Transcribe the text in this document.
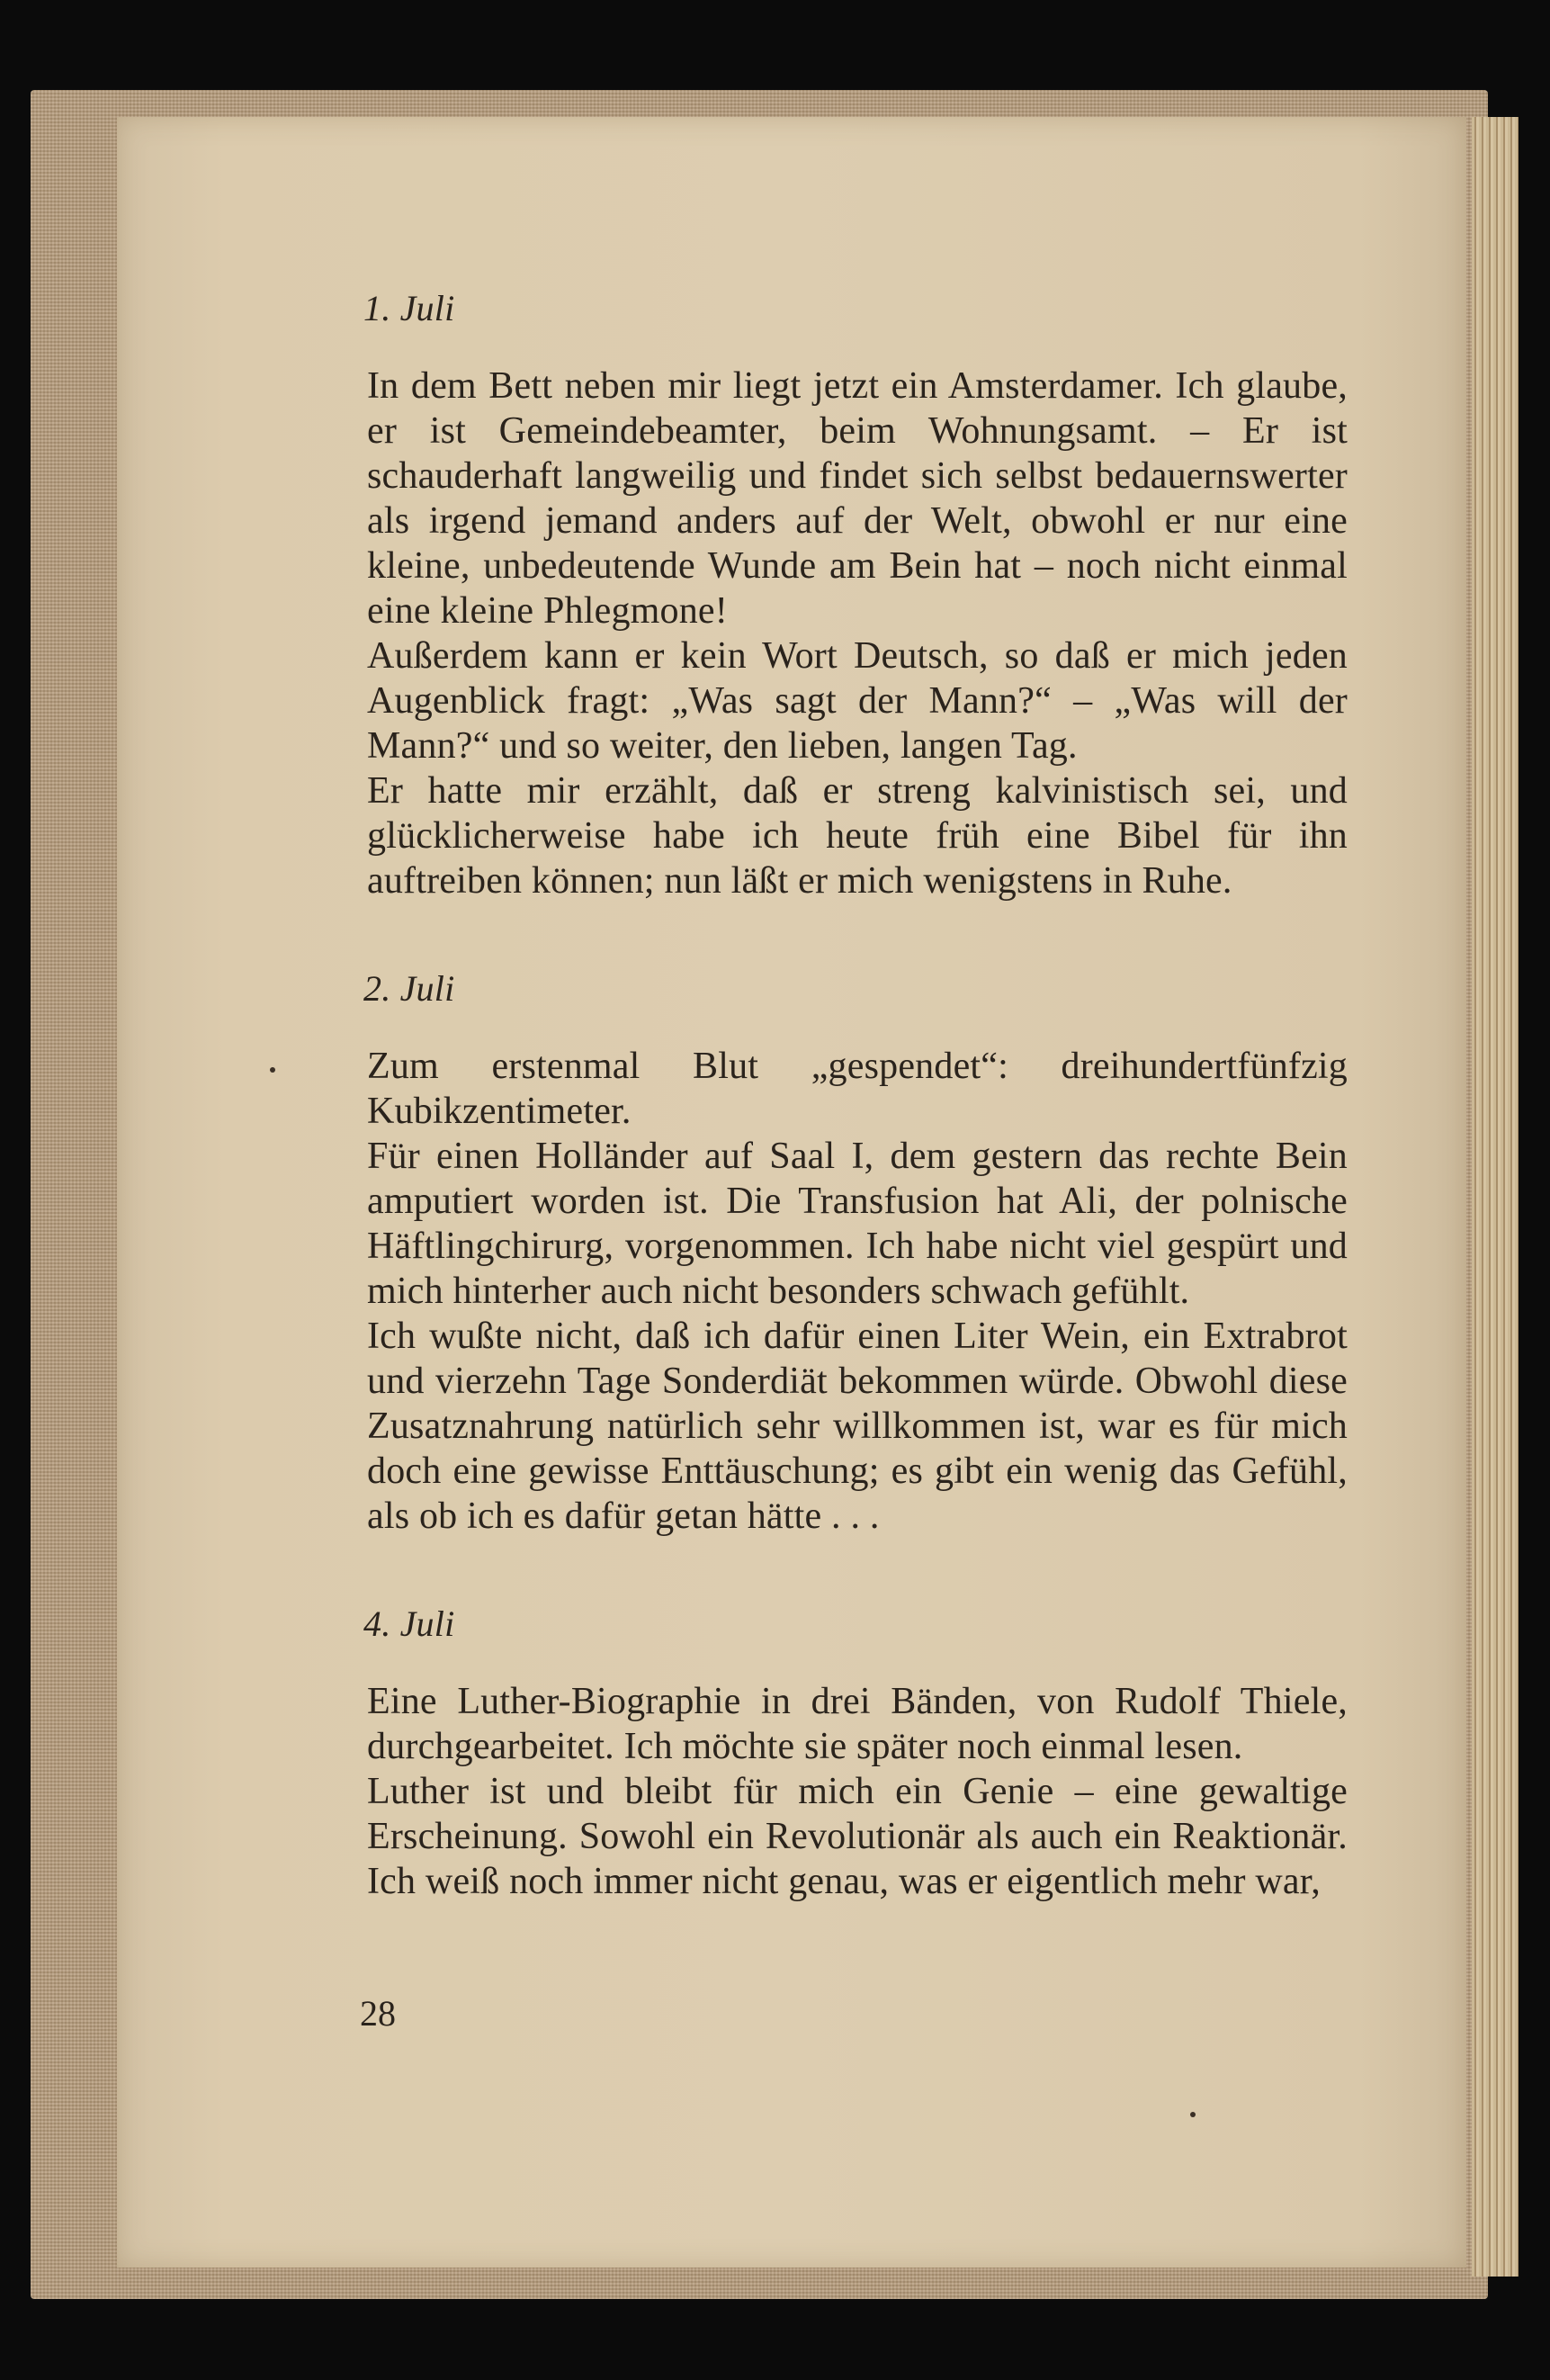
1. Juli

In dem Bett neben mir liegt jetzt ein Amsterdamer. Ich glaube, er ist Gemeindebeamter, beim Wohnungsamt. – Er ist schauderhaft langweilig und findet sich selbst bedauernswerter als irgend jemand anders auf der Welt, obwohl er nur eine kleine, unbedeutende Wunde am Bein hat – noch nicht einmal eine kleine Phlegmone!

Außerdem kann er kein Wort Deutsch, so daß er mich jeden Augenblick fragt: „Was sagt der Mann?“ – „Was will der Mann?“ und so weiter, den lieben, langen Tag.

Er hatte mir erzählt, daß er streng kalvinistisch sei, und glücklicherweise habe ich heute früh eine Bibel für ihn auftreiben können; nun läßt er mich wenigstens in Ruhe.

2. Juli

Zum erstenmal Blut „gespendet“: dreihundertfünfzig Kubikzentimeter.

Für einen Holländer auf Saal I, dem gestern das rechte Bein amputiert worden ist. Die Transfusion hat Ali, der polnische Häftlingchirurg, vorgenommen. Ich habe nicht viel gespürt und mich hinterher auch nicht besonders schwach gefühlt.

Ich wußte nicht, daß ich dafür einen Liter Wein, ein Extrabrot und vierzehn Tage Sonderdiät bekommen würde. Obwohl diese Zusatznahrung natürlich sehr willkommen ist, war es für mich doch eine gewisse Enttäuschung; es gibt ein wenig das Gefühl, als ob ich es dafür getan hätte . . .

4. Juli

Eine Luther-Biographie in drei Bänden, von Rudolf Thiele, durchgearbeitet. Ich möchte sie später noch einmal lesen.

Luther ist und bleibt für mich ein Genie – eine gewaltige Erscheinung. Sowohl ein Revolutionär als auch ein Reaktionär. Ich weiß noch immer nicht genau, was er eigentlich mehr war,

28
